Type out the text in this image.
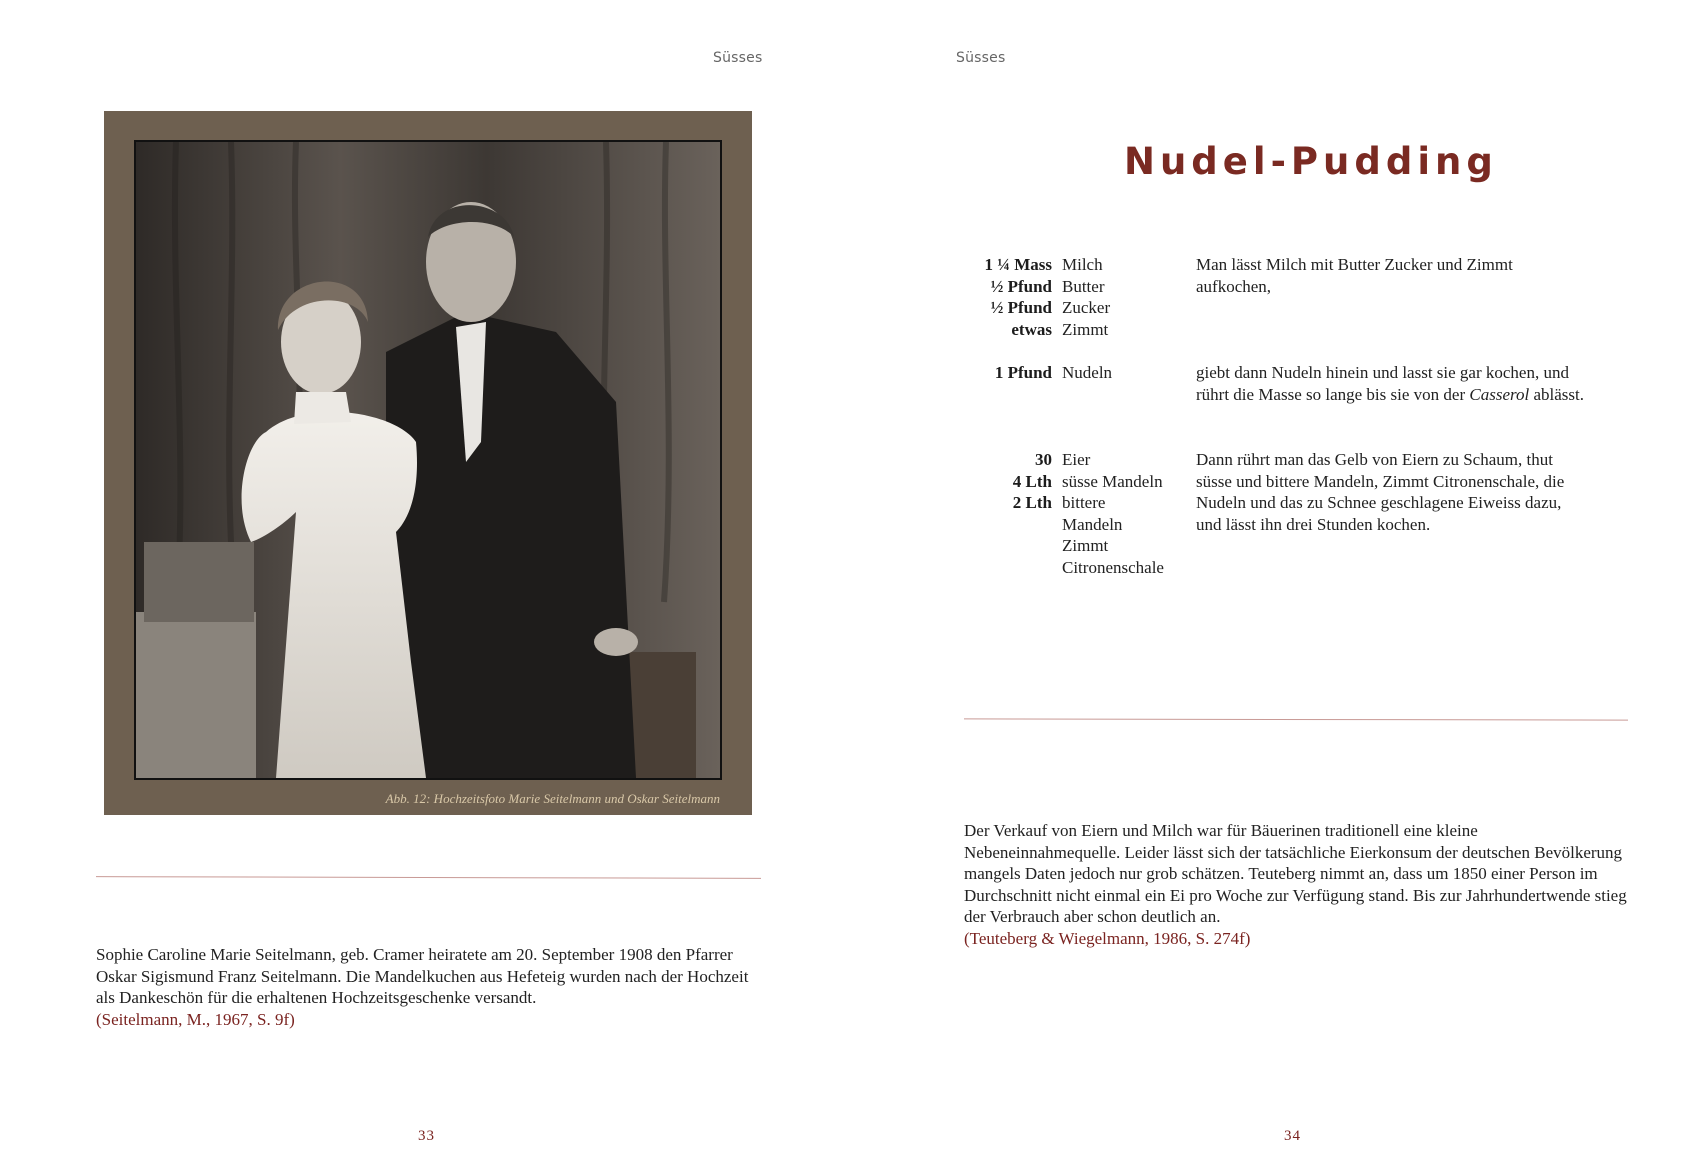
Süsses
Abb. 12: Hochzeitsfoto Marie Seitelmann und Oskar Seitelmann
Sophie Caroline Marie Seitelmann, geb. Cramer heiratete am 20. September 1908 den Pfarrer Oskar Sigismund Franz Seitelmann. Die Mandelkuchen aus Hefeteig wurden nach der Hochzeit als Dankeschön für die erhaltenen Hochzeitsgeschenke versandt.
(Seitelmann, M., 1967, S. 9f)
33
Süsses
Nudel-Pudding
1 ¼ Mass
½ Pfund
½ Pfund
etwas
Milch
Butter
Zucker
Zimmt
Man lässt Milch mit Butter Zucker und Zimmt
aufkochen,
1 Pfund Nudeln	giebt dann Nudeln hinein und lasst sie gar kochen, und
rührt die Masse so lange bis sie von der Casserol ablässt.
30
4 Lth
2 Lth
Eier
süsse Mandeln
bittere
Mandeln
Zimmt
Citronenschale
Dann rührt man das Gelb von Eiern zu Schaum, thut
süsse und bittere Mandeln, Zimmt Citronenschale, die
Nudeln und das zu Schnee geschlagene Eiweiss dazu,
und lässt ihn drei Stunden kochen.
Der Verkauf von Eiern und Milch war für Bäuerinen traditionell eine kleine Nebeneinnahmequelle. Leider lässt sich der tatsächliche Eierkonsum der deutschen Bevölkerung mangels Daten jedoch nur grob schätzen. Teuteberg nimmt an, dass um 1850 einer Person im Durchschnitt nicht einmal ein Ei pro Woche zur Verfügung stand. Bis zur Jahrhundertwende stieg der Verbrauch aber schon deutlich an.
(Teuteberg & Wiegelmann, 1986, S. 274f)
34
